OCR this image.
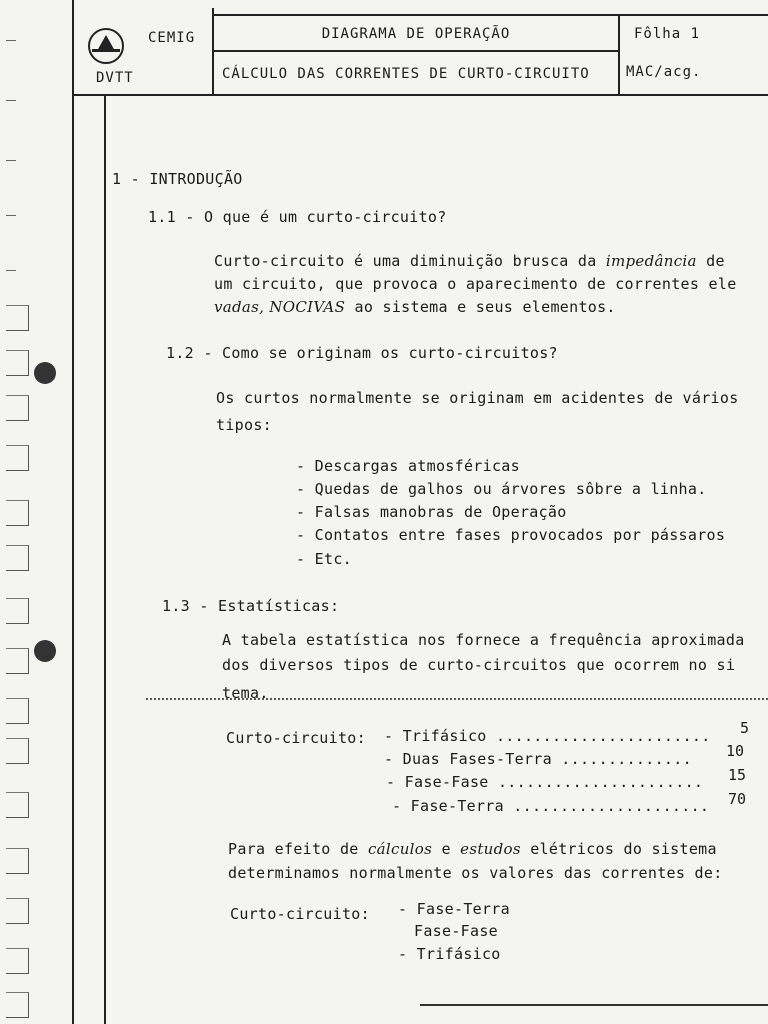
CEMIG
DVTT
DIAGRAMA DE OPERAÇÃO
CÁLCULO DAS CORRENTES DE CURTO-CIRCUITO
Fôlha 1
MAC/acg.
1 - INTRODUÇÃO
1.1 - O que é um curto-circuito?
Curto-circuito é uma diminuição brusca da impedância de
um circuito, que provoca o aparecimento de correntes ele
vadas, NOCIVAS ao sistema e seus elementos.
1.2 - Como se originam os curto-circuitos?
Os curtos normalmente se originam em acidentes de vários
tipos:
- Descargas atmosféricas
- Quedas de galhos ou árvores sôbre a linha.
- Falsas manobras de Operação
- Contatos entre fases provocados por pássaros
- Etc.
1.3 - Estatísticas:
A tabela estatística nos fornece a frequência aproximada
dos diversos tipos de curto-circuitos que ocorrem no si
tema.
Curto-circuito: - Trifásico ....................... 5
- Duas Fases-Terra .............. 10
- Fase-Fase ...................... 15
- Fase-Terra ..................... 70
Para efeito de cálculos e estudos elétricos do sistema
determinamos normalmente os valores das correntes de:
Curto-circuito: - Fase-Terra
Fase-Fase
- Trifásico
